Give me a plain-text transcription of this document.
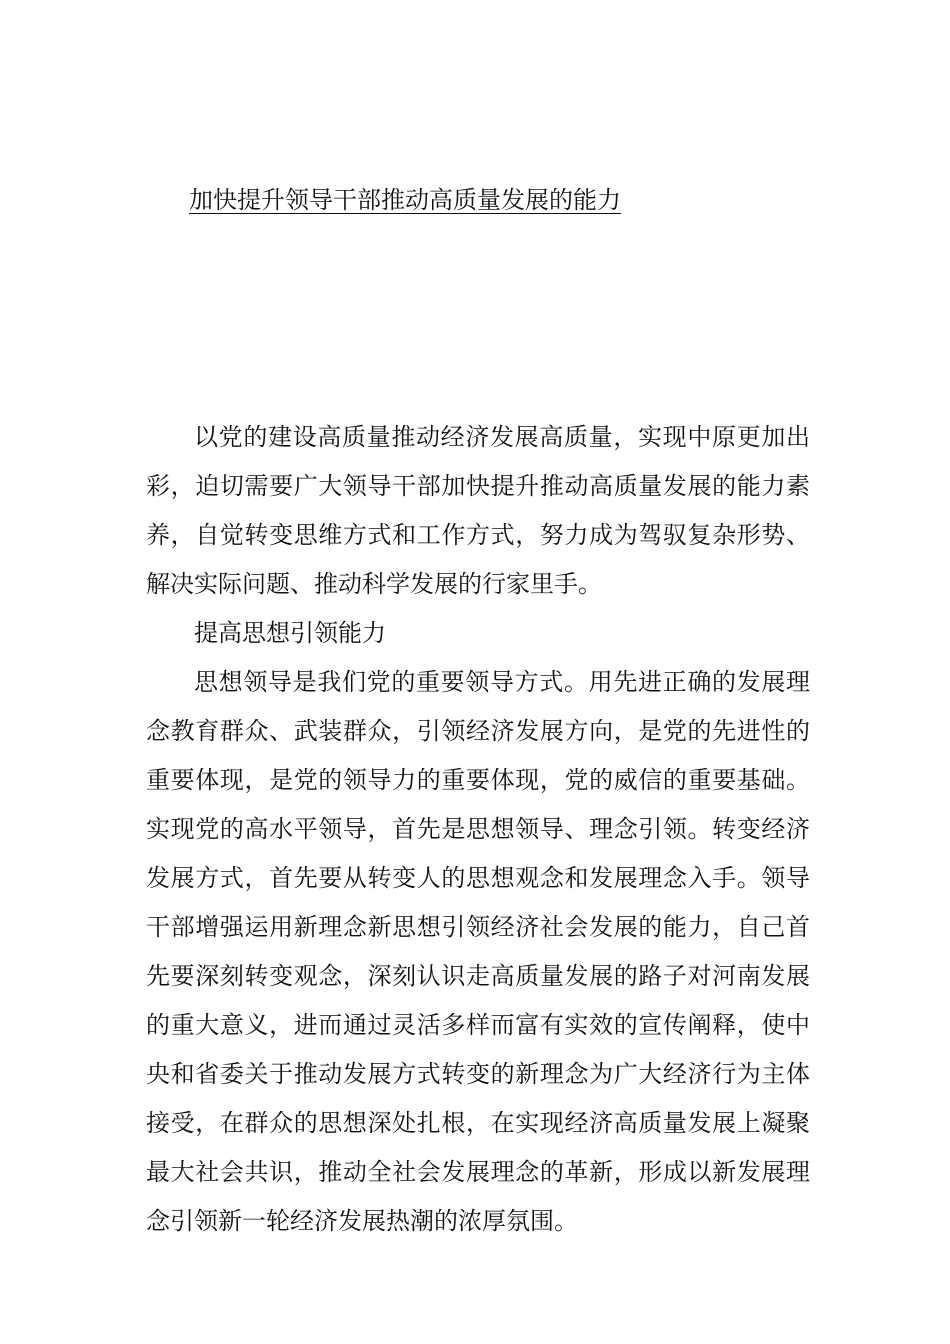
加快提升领导干部推动高质量发展的能力

以党的建设高质量推动经济发展高质量，实现中原更加出彩，迫切需要广大领导干部加快提升推动高质量发展的能力素养，自觉转变思维方式和工作方式，努力成为驾驭复杂形势、解决实际问题、推动科学发展的行家里手。

提高思想引领能力

思想领导是我们党的重要领导方式。用先进正确的发展理念教育群众、武装群众，引领经济发展方向，是党的先进性的重要体现，是党的领导力的重要体现，党的威信的重要基础。实现党的高水平领导，首先是思想领导、理念引领。转变经济发展方式，首先要从转变人的思想观念和发展理念入手。领导干部增强运用新理念新思想引领经济社会发展的能力，自己首先要深刻转变观念，深刻认识走高质量发展的路子对河南发展的重大意义，进而通过灵活多样而富有实效的宣传阐释，使中央和省委关于推动发展方式转变的新理念为广大经济行为主体接受，在群众的思想深处扎根，在实现经济高质量发展上凝聚最大社会共识，推动全社会发展理念的革新，形成以新发展理念引领新一轮经济发展热潮的浓厚氛围。
